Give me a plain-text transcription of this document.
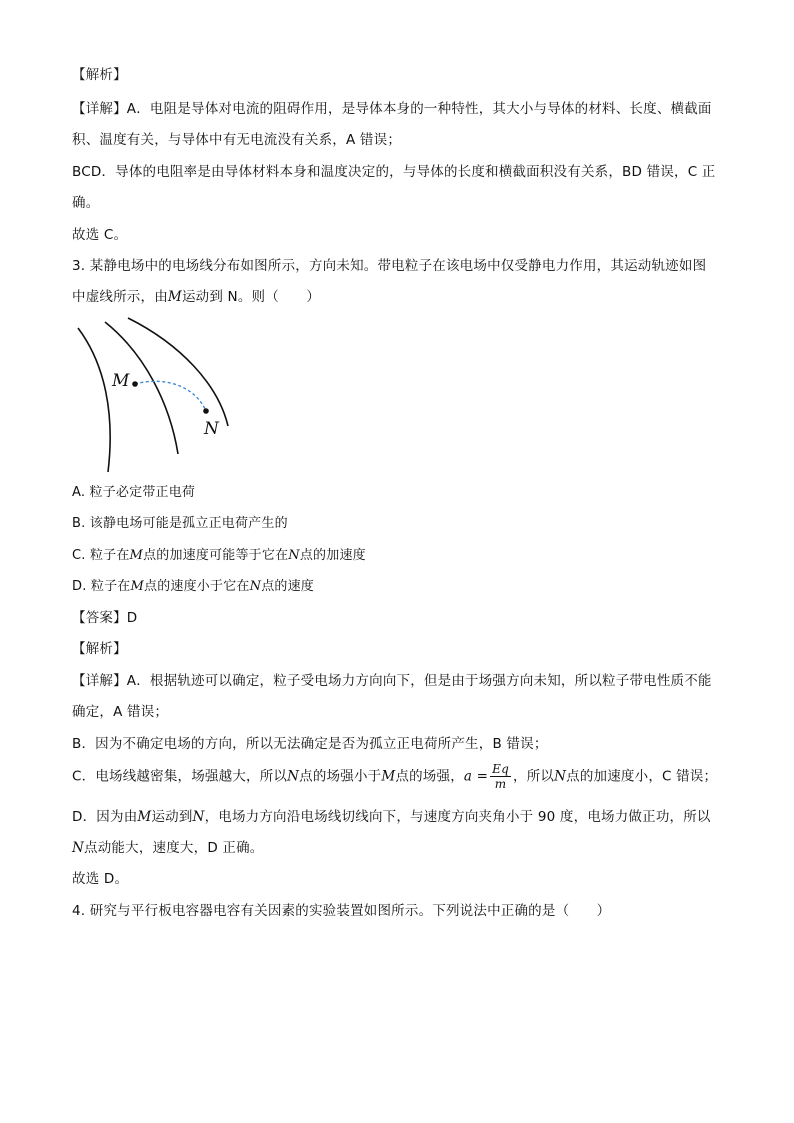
【解析】
【详解】A．电阻是导体对电流的阻碍作用，是导体本身的一种特性，其大小与导体的材料、长度、横截面
积、温度有关，与导体中有无电流没有关系，A 错误；
BCD．导体的电阻率是由导体材料本身和温度决定的，与导体的长度和横截面积没有关系，BD 错误，C 正
确。
故选 C。
3. 某静电场中的电场线分布如图所示，方向未知。带电粒子在该电场中仅受静电力作用，其运动轨迹如图
中虚线所示，由M运动到 N。则（　　）
M
N
A. 粒子必定带正电荷
B. 该静电场可能是孤立正电荷产生的
C. 粒子在M点的加速度可能等于它在N点的加速度
D. 粒子在M点的速度小于它在N点的速度
【答案】D
【解析】
【详解】A．根据轨迹可以确定，粒子受电场力方向向下，但是由于场强方向未知，所以粒子带电性质不能
确定，A 错误；
B．因为不确定电场的方向，所以无法确定是否为孤立正电荷所产生，B 错误；
C．电场线越密集，场强越大，所以N点的场强小于M点的场强，$a = \frac{Eq}{m}$ ，所以N点的加速度小，C 错误；
D．因为由M运动到N，电场力方向沿电场线切线向下，与速度方向夹角小于 90 度，电场力做正功，所以
N点动能大，速度大，D 正确。
故选 D。
4. 研究与平行板电容器电容有关因素的实验装置如图所示。下列说法中正确的是（　　）
